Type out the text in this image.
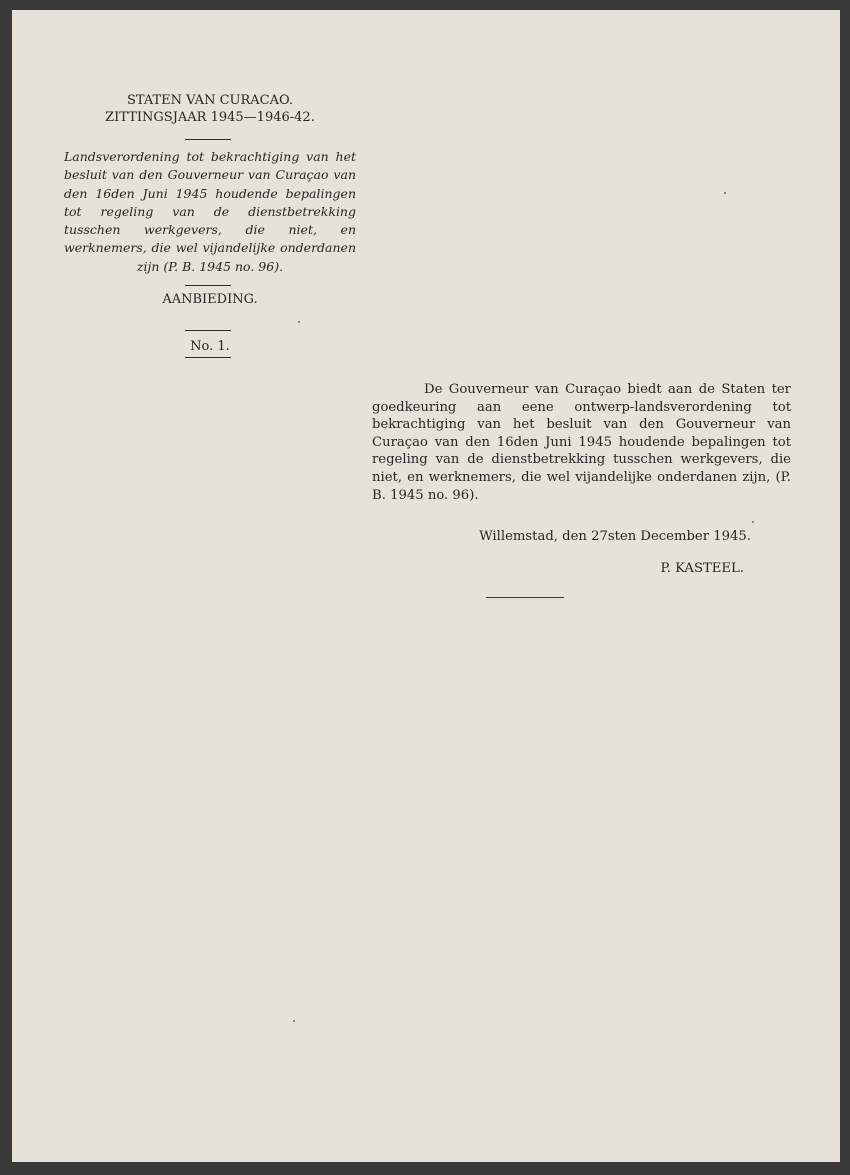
STATEN VAN CURACAO.
ZITTINGSJAAR 1945—1946-42.
Landsverordening tot bekrachtiging van het besluit van den Gouverneur van Curaçao van den 16den Juni 1945 houdende bepalingen tot regeling van de dienstbetrekking tusschen werkgevers, die niet, en werknemers, die wel vijandelijke onderdanen zijn (P. B. 1945 no. 96).
AANBIEDING.
No. 1.
De Gouverneur van Curaçao biedt aan de Staten ter goedkeuring aan eene ontwerp-landsverordening tot bekrachtiging van het besluit van den Gouverneur van Curaçao van den 16den Juni 1945 houdende bepalingen tot regeling van de dienstbetrekking tusschen werkgevers, die niet, en werknemers, die wel vijandelijke onderdanen zijn, (P. B. 1945 no. 96).
Willemstad, den 27sten December 1945.
P. KASTEEL.
